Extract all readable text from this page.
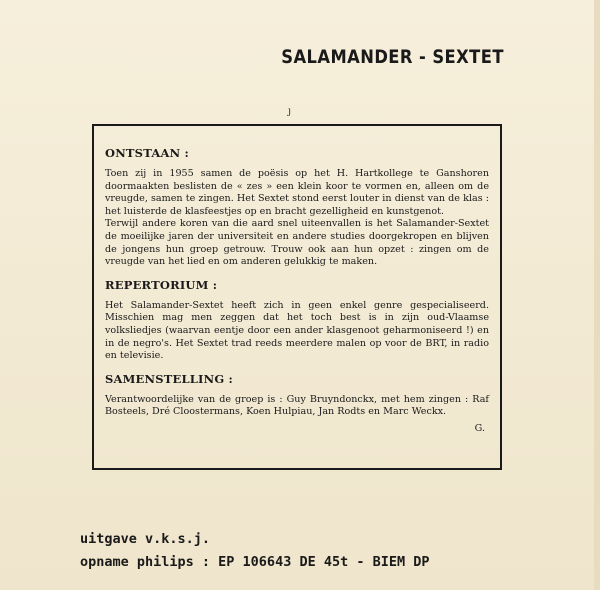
SALAMANDER - SEXTET
ȷ

ONTSTAAN :

Toen zij in 1955 samen de poësis op het H. Hartkollege te Ganshoren doormaakten beslisten de « zes » een klein koor te vormen en, alleen om de vreugde, samen te zingen. Het Sextet stond eerst louter in dienst van de klas : het luisterde de klasfeestjes op en bracht gezelligheid en kunstgenot.

Terwijl andere koren van die aard snel uiteenvallen is het Salamander-Sextet de moeilijke jaren der universiteit en andere studies doorgekropen en blijven de jongens hun groep getrouw. Trouw ook aan hun opzet : zingen om de vreugde van het lied en om anderen gelukkig te maken.

REPERTORIUM :

Het Salamander-Sextet heeft zich in geen enkel genre gespecialiseerd. Misschien mag men zeggen dat het toch best is in zijn oud-Vlaamse volksliedjes (waarvan eentje door een ander klasgenoot geharmoniseerd !) en in de negro's. Het Sextet trad reeds meerdere malen op voor de BRT, in radio en televisie.

SAMENSTELLING :

Verantwoordelijke van de groep is : Guy Bruyndonckx, met hem zingen : Raf Bosteels, Dré Cloostermans, Koen Hulpiau, Jan Rodts en Marc Weckx.

G.

uitgave v.k.s.j.
opname philips : EP 106643 DE 45t - BIEM DP
